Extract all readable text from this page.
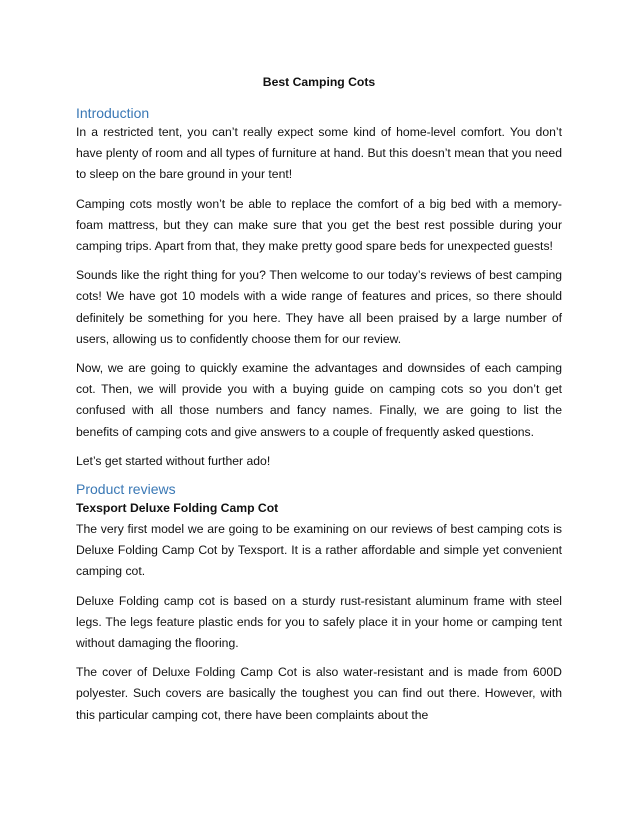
Best Camping Cots
Introduction

In a restricted tent, you can’t really expect some kind of home-level comfort. You don’t have plenty of room and all types of furniture at hand. But this doesn’t mean that you need to sleep on the bare ground in your tent!

Camping cots mostly won’t be able to replace the comfort of a big bed with a memory-foam mattress, but they can make sure that you get the best rest possible during your camping trips. Apart from that, they make pretty good spare beds for unexpected guests!

Sounds like the right thing for you? Then welcome to our today’s reviews of best camping cots! We have got 10 models with a wide range of features and prices, so there should definitely be something for you here. They have all been praised by a large number of users, allowing us to confidently choose them for our review.

Now, we are going to quickly examine the advantages and downsides of each camping cot. Then, we will provide you with a buying guide on camping cots so you don’t get confused with all those numbers and fancy names. Finally, we are going to list the benefits of camping cots and give answers to a couple of frequently asked questions.

Let’s get started without further ado!

Product reviews
Texsport Deluxe Folding Camp Cot

The very first model we are going to be examining on our reviews of best camping cots is Deluxe Folding Camp Cot by Texsport. It is a rather affordable and simple yet convenient camping cot.

Deluxe Folding camp cot is based on a sturdy rust-resistant aluminum frame with steel legs. The legs feature plastic ends for you to safely place it in your home or camping tent without damaging the flooring.

The cover of Deluxe Folding Camp Cot is also water-resistant and is made from 600D polyester. Such covers are basically the toughest you can find out there. However, with this particular camping cot, there have been complaints about the
